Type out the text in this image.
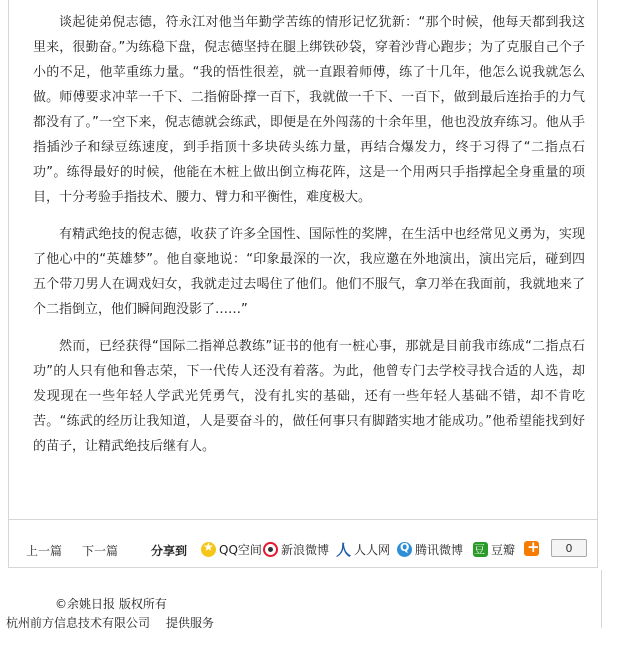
谈起徒弟倪志德，符永江对他当年勤学苦练的情形记忆犹新：“那个时候，他每天都到我这里来，很勤奋。”为练稳下盘，倪志德坚持在腿上绑铁砂袋，穿着沙背心跑步；为了克服自己个子小的不足，他苹重练力量。“我的悟性很差，就一直跟着师傅，练了十几年，他怎么说我就怎么做。师傅要求冲苹一千下、二指俯卧撑一百下，我就做一千下、一百下，做到最后连抬手的力气都没有了。”一空下来，倪志德就会练武，即便是在外闯荡的十余年里，他也没放弃练习。他从手指插沙子和绿豆练速度，到手指顶十多块砖头练力量，再结合爆发力，终于习得了“二指点石功”。练得最好的时候，他能在木桩上做出倒立梅花阵，这是一个用两只手指撑起全身重量的项目，十分考验手指技术、腰力、臂力和平衡性，难度极大。

有精武绝技的倪志德，收获了许多全国性、国际性的奖牌，在生活中也经常见义勇为，实现了他心中的“英雄梦”。他自豪地说：“印象最深的一次，我应邀在外地演出，演出完后，碰到四五个带刀男人在调戏妇女，我就走过去喝住了他们。他们不服气，拿刀举在我面前，我就地来了个二指倒立，他们瞬间跑没影了……”

然而，已经获得“国际二指禅总教练”证书的他有一桩心事，那就是目前我市练成“二指点石功”的人只有他和鲁志荣，下一代传人还没有着落。为此，他曾专门去学校寻找合适的人选，却发现现在一些年轻人学武光凭勇气，没有扎实的基础，还有一些年轻人基础不错，却不肯吃苦。“练武的经历让我知道，人是要奋斗的，做任何事只有脚踏实地才能成功。”他希望能找到好的苗子，让精武绝技后继有人。

上一篇 下一篇	分享到 ★	QQ空间 新浪微博 人 人人网 Q 腾讯微博 豆 豆瓣 +	0
©余姚日报 版权所有
杭州前方信息技术有限公司 提供服务
